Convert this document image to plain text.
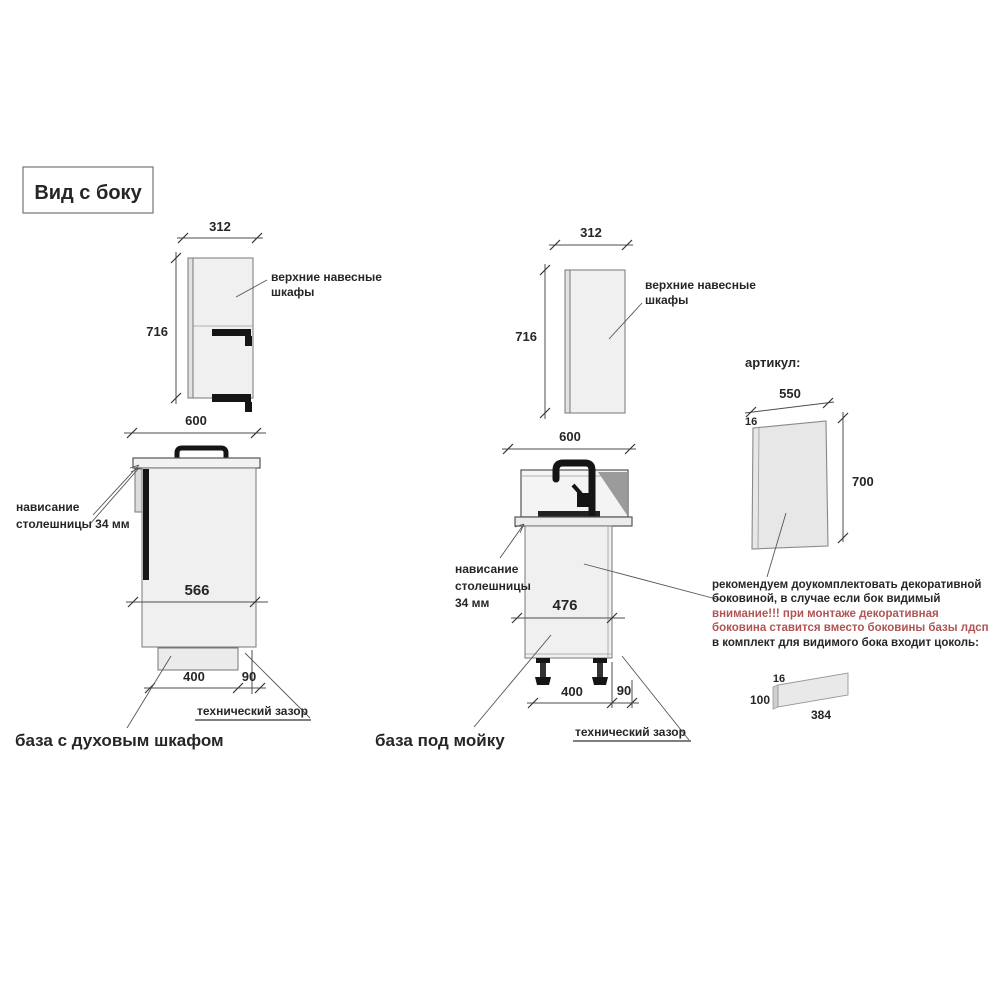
Вид с боку
312
716
верхние навесные
шкафы
600
566
400	90
технический зазор
нависание
столешницы 34 мм
база с духовым шкафом
312
716
верхние навесные
шкафы
600
476
400	90
технический зазор
нависание
столешницы
34 мм
база под мойку
артикул:
550
16
700
рекомендуем доукомплектовать декоративной
боковиной, в случае если бок видимый
внимание!!! при монтаже декоративная
боковина ставится вместо боковины базы лдсп
в комплект для видимого бока входит цоколь:
16
100
384
